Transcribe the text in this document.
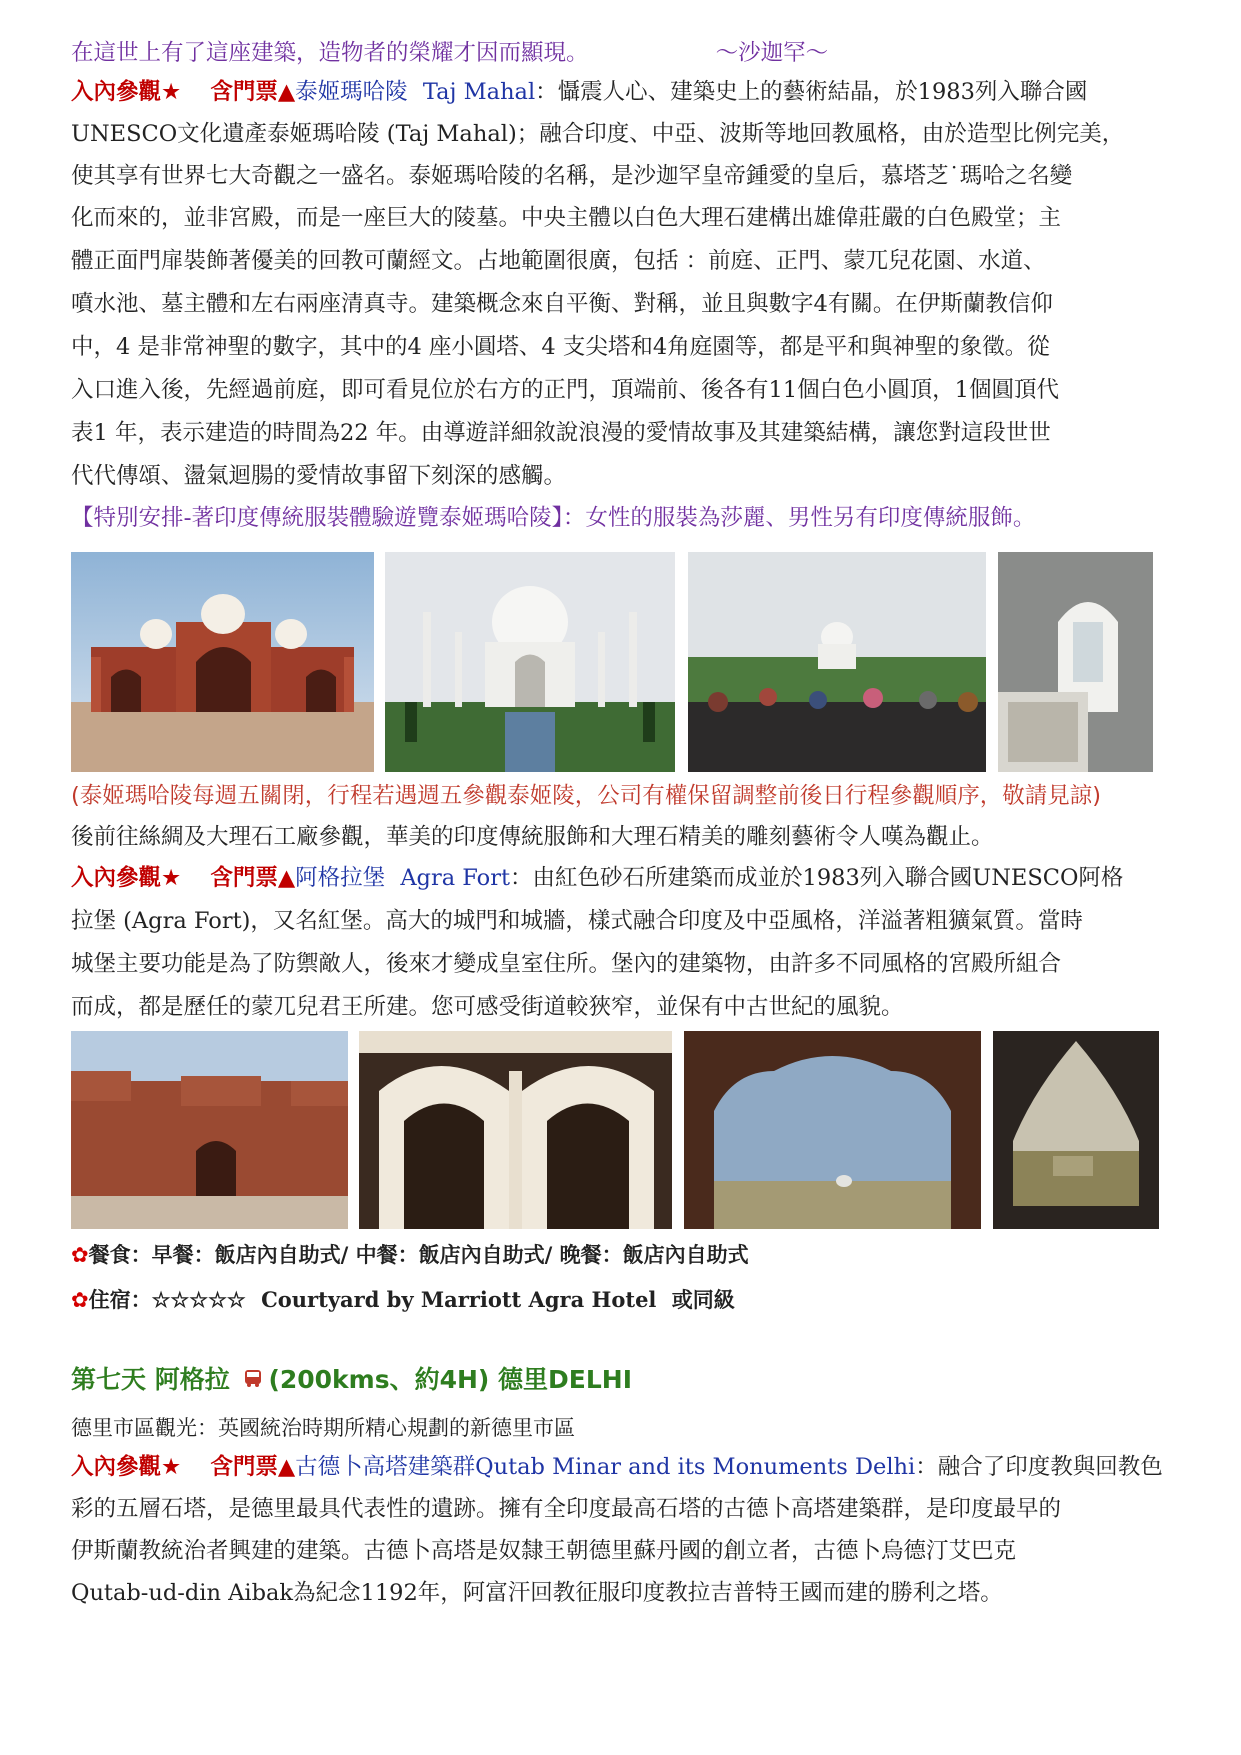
在這世上有了這座建築，造物者的榮耀才因而顯現。	～沙迦罕～
入內參觀★ 含門票▲泰姬瑪哈陵 Taj Mahal：懾震人心、建築史上的藝術結晶，於1983列入聯合國
UNESCO文化遺產泰姬瑪哈陵 (Taj Mahal)；融合印度、中亞、波斯等地回教風格，由於造型比例完美，
使其享有世界七大奇觀之一盛名。泰姬瑪哈陵的名稱，是沙迦罕皇帝鍾愛的皇后，慕塔芝˙瑪哈之名變
化而來的，並非宮殿，而是一座巨大的陵墓。中央主體以白色大理石建構出雄偉莊嚴的白色殿堂；主
體正面門扉裝飾著優美的回教可蘭經文。占地範圍很廣，包括 ：前庭、正門、蒙兀兒花園、水道、
噴水池、墓主體和左右兩座清真寺。建築概念來自平衡、對稱，並且與數字4有關。在伊斯蘭教信仰
中，4 是非常神聖的數字，其中的4 座小圓塔、4 支尖塔和4角庭園等，都是平和與神聖的象徵。從
入口進入後，先經過前庭，即可看見位於右方的正門，頂端前、後各有11個白色小圓頂，1個圓頂代
表1 年，表示建造的時間為22 年。由導遊詳細敘說浪漫的愛情故事及其建築結構，讓您對這段世世
代代傳頌、盪氣迴腸的愛情故事留下刻深的感觸。
【特別安排-著印度傳統服裝體驗遊覽泰姬瑪哈陵】：女性的服裝為莎麗、男性另有印度傳統服飾。
(泰姬瑪哈陵每週五關閉，行程若遇週五參觀泰姬陵，公司有權保留調整前後日行程參觀順序，敬請見諒)
後前往絲綢及大理石工廠參觀，華美的印度傳統服飾和大理石精美的雕刻藝術令人嘆為觀止。
入內參觀★ 含門票▲阿格拉堡 Agra Fort：由紅色砂石所建築而成並於1983列入聯合國UNESCO阿格
拉堡 (Agra Fort)，又名紅堡。高大的城門和城牆，樣式融合印度及中亞風格，洋溢著粗獷氣質。當時
城堡主要功能是為了防禦敵人，後來才變成皇室住所。堡內的建築物，由許多不同風格的宮殿所組合
而成，都是歷任的蒙兀兒君王所建。您可感受街道較狹窄，並保有中古世紀的風貌。
✿餐食：早餐：飯店內自助式/ 中餐：飯店內自助式/ 晚餐：飯店內自助式
✿住宿：☆☆☆☆☆ Courtyard by Marriott Agra Hotel 或同級
第七天 阿格拉 (200kms、約4H) 德里DELHI
德里市區觀光：英國統治時期所精心規劃的新德里市區
入內參觀★ 含門票▲古德卜高塔建築群Qutab Minar and its Monuments Delhi：融合了印度教與回教色
彩的五層石塔，是德里最具代表性的遺跡。擁有全印度最高石塔的古德卜高塔建築群，是印度最早的
伊斯蘭教統治者興建的建築。古德卜高塔是奴隸王朝德里蘇丹國的創立者，古德卜烏德汀艾巴克
Qutab-ud-din Aibak為紀念1192年，阿富汗回教征服印度教拉吉普特王國而建的勝利之塔。
